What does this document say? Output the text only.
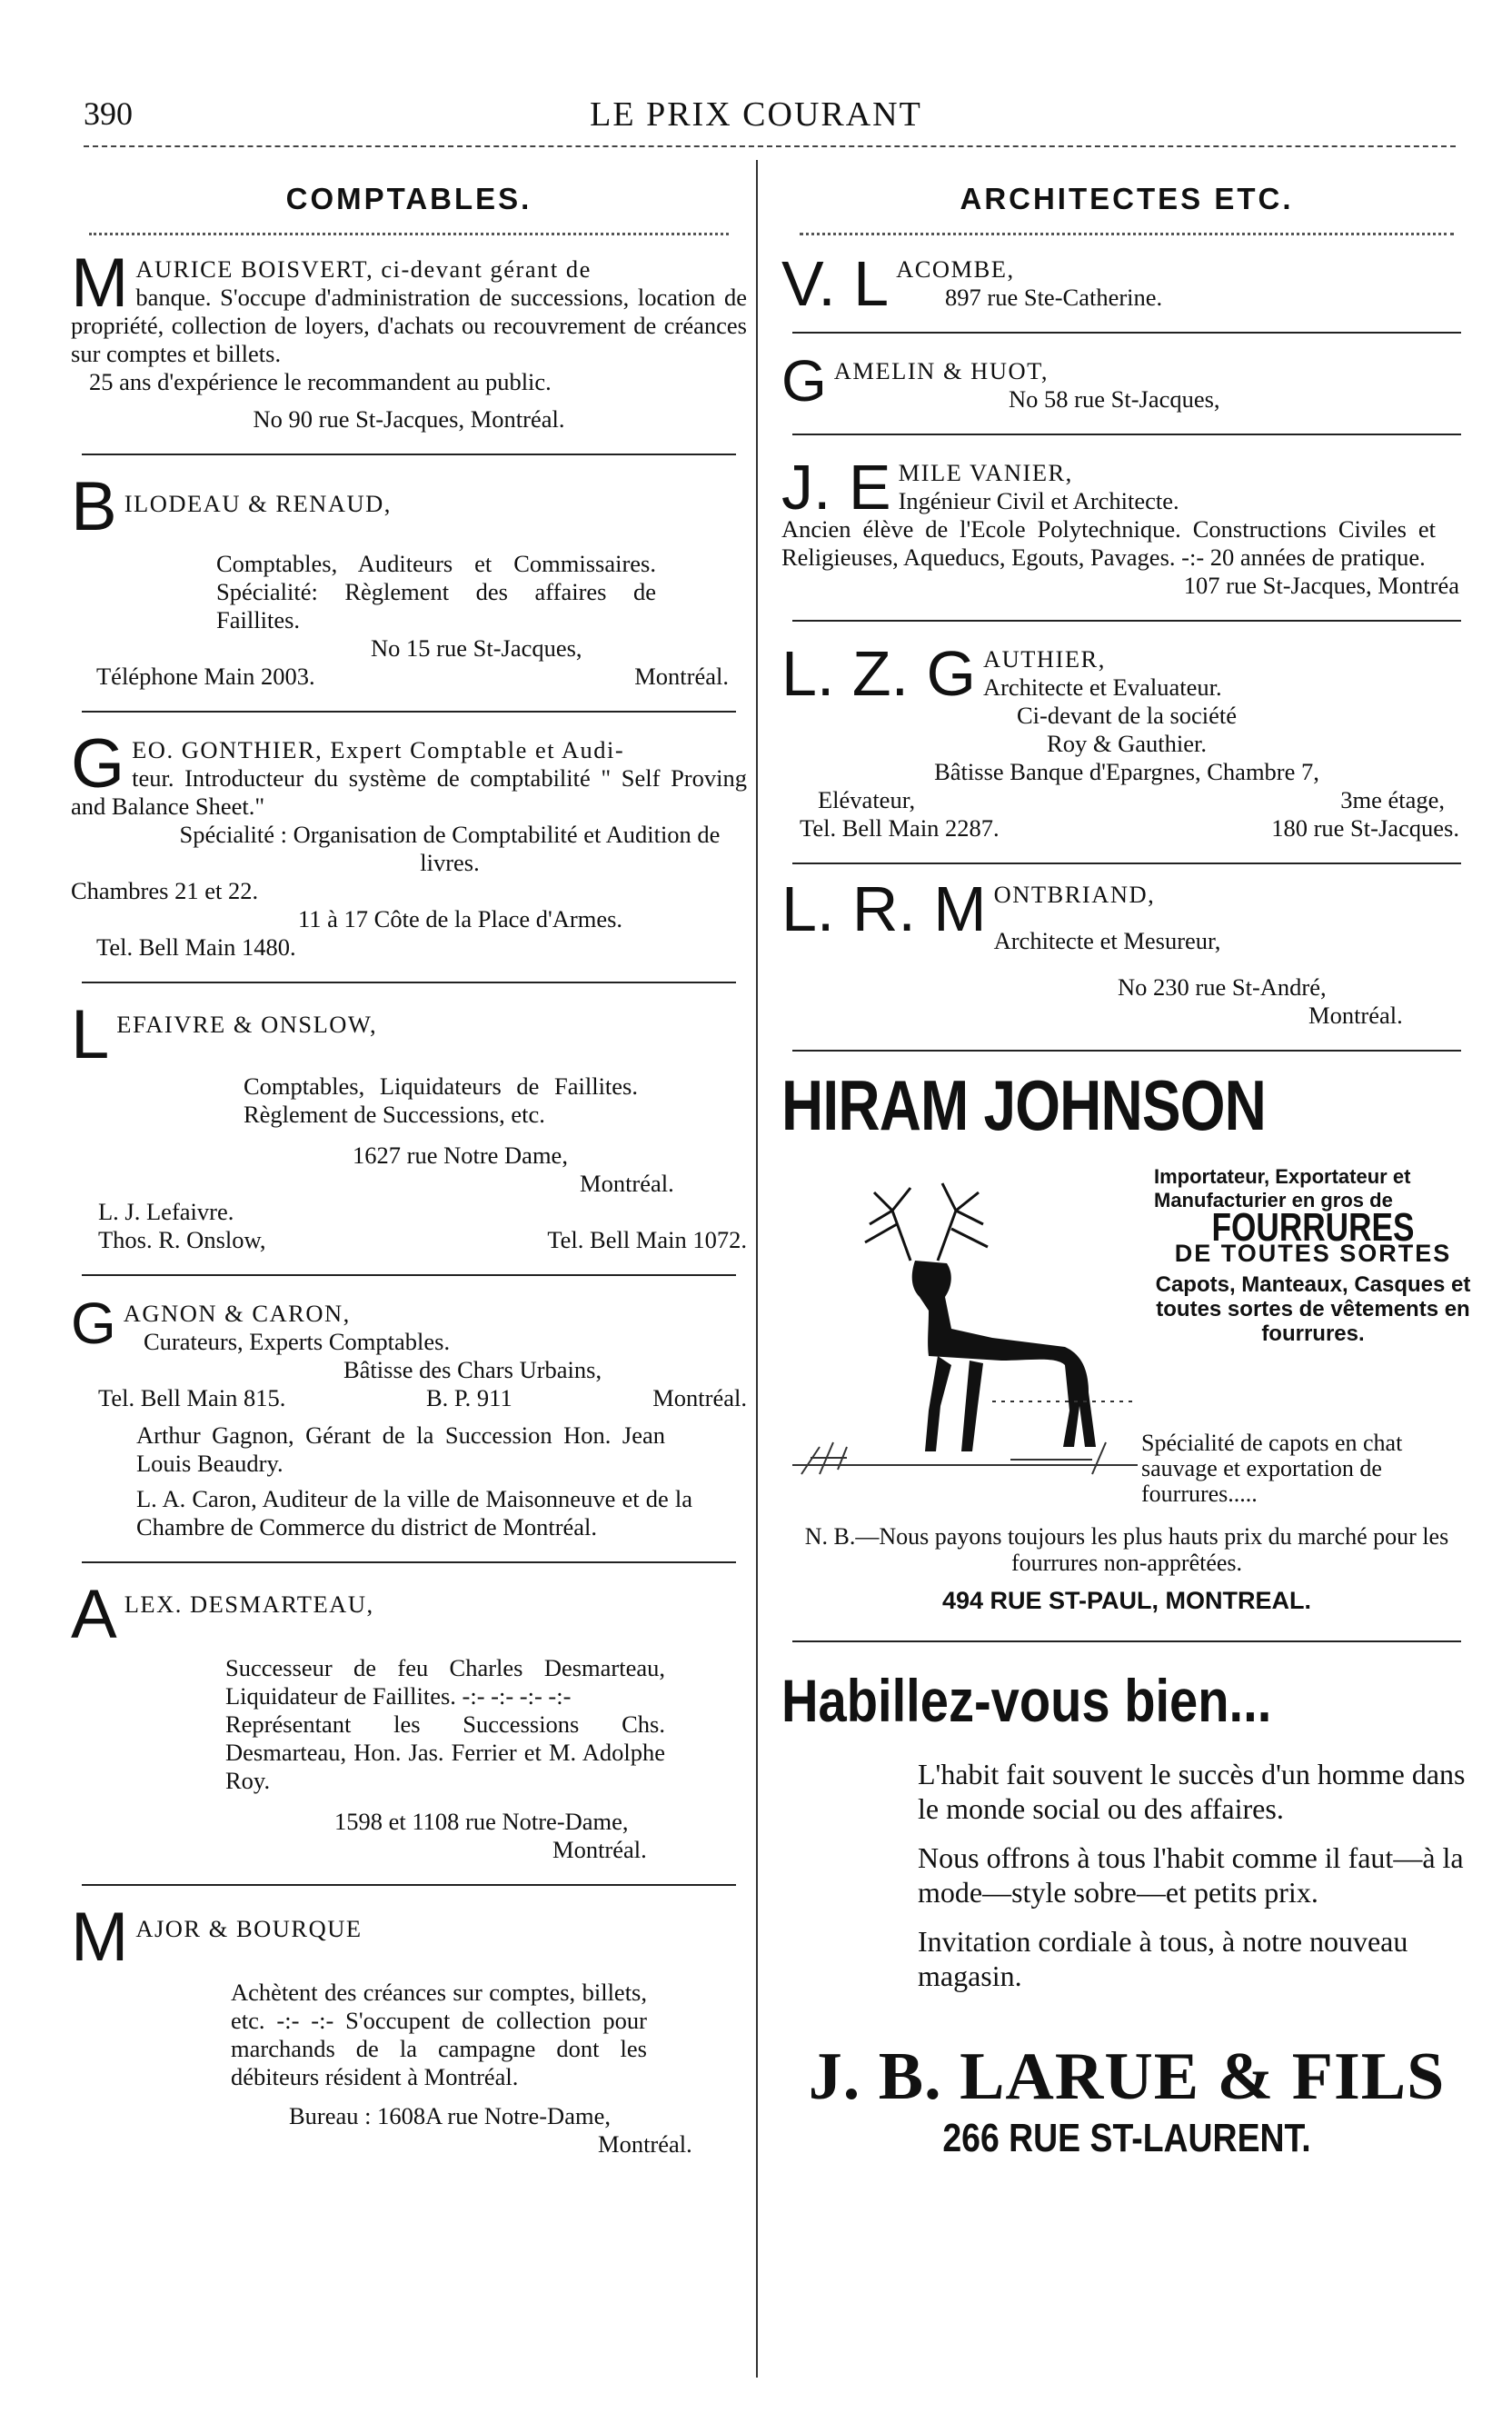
390	LE PRIX COURANT
COMPTABLES.
M AURICE BOISVERT, ci-devant gérant de

banque. S'occupe d'administration de successions, location de propriété, collection de loyers, d'achats ou recouvrement de créances sur comptes et billets.

25 ans d'expérience le recommandent au public.

No 90 rue St-Jacques, Montréal.

B ILODEAU & RENAUD,

Comptables, Auditeurs et Commissaires. Spécialité: Règlement des affaires de Faillites.

No 15 rue St-Jacques,

Téléphone Main 2003.	Montréal.
G EO. GONTHIER, Expert Comptable et Audi-

teur. Introducteur du système de comptabilité " Self Proving and Balance Sheet."

Spécialité : Organisation de Comptabilité et Audition de livres.

Chambres 21 et 22.

11 à 17 Côte de la Place d'Armes.

Tel. Bell Main 1480.

L EFAIVRE & ONSLOW,

Comptables, Liquidateurs de Faillites. Règlement de Successions, etc.

1627 rue Notre Dame,

Montréal.

L. J. Lefaivre.

Thos. R. Onslow,	Tel. Bell Main 1072.
G AGNON & CARON,

Curateurs, Experts Comptables.

Bâtisse des Chars Urbains,

Tel. Bell Main 815.	B. P. 911	Montréal.

Arthur Gagnon, Gérant de la Succession Hon. Jean Louis Beaudry.

L. A. Caron, Auditeur de la ville de Maisonneuve et de la Chambre de Commerce du district de Montréal.

A LEX. DESMARTEAU,

Successeur de feu Charles Desmarteau, Liquidateur de Faillites. -:- -:- -:- -:-

Représentant les Successions Chs. Desmarteau, Hon. Jas. Ferrier et M. Adolphe Roy.

1598 et 1108 rue Notre-Dame,

Montréal.

M AJOR & BOURQUE

Achètent des créances sur comptes, billets, etc. -:- -:- S'occupent de collection pour marchands de la campagne dont les débiteurs résident à Montréal.

Bureau : 1608A rue Notre-Dame,

Montréal.

ARCHITECTES ETC.
V. L ACOMBE,

897 rue Ste-Catherine.

G AMELIN & HUOT,

No 58 rue St-Jacques,

J. E MILE VANIER,

Ingénieur Civil et Architecte.

Ancien élève de l'Ecole Polytechnique. Constructions Civiles et Religieuses, Aqueducs, Egouts, Pavages. -:- 20 années de pratique.

107 rue St-Jacques, Montréa

L. Z. G AUTHIER,

Architecte et Evaluateur.

Ci-devant de la société

Roy & Gauthier.

Bâtisse Banque d'Epargnes, Chambre 7,

Elévateur,	3me étage,
Tel. Bell Main 2287.	180 rue St-Jacques.
L. R. M ONTBRIAND,

Architecte et Mesureur,

No 230 rue St-André,

Montréal.

HIRAM JOHNSON
Importateur, Exportateur et Manufacturier en gros de
FOURRURES
DE TOUTES SORTES
Capots, Manteaux, Casques et toutes sortes de vêtements en fourrures.
Spécialité de capots en chat sauvage et exportation de fourrures.....
N. B.—Nous payons toujours les plus hauts prix du marché pour les fourrures non-apprêtées.
494 RUE ST-PAUL, MONTREAL.
Habillez-vous bien...

L'habit fait souvent le succès d'un homme dans le monde social ou des affaires.

Nous offrons à tous l'habit comme il faut—à la mode—style sobre—et petits prix.

Invitation cordiale à tous, à notre nouveau magasin.

J. B. LARUE & FILS
266 RUE ST-LAURENT.
